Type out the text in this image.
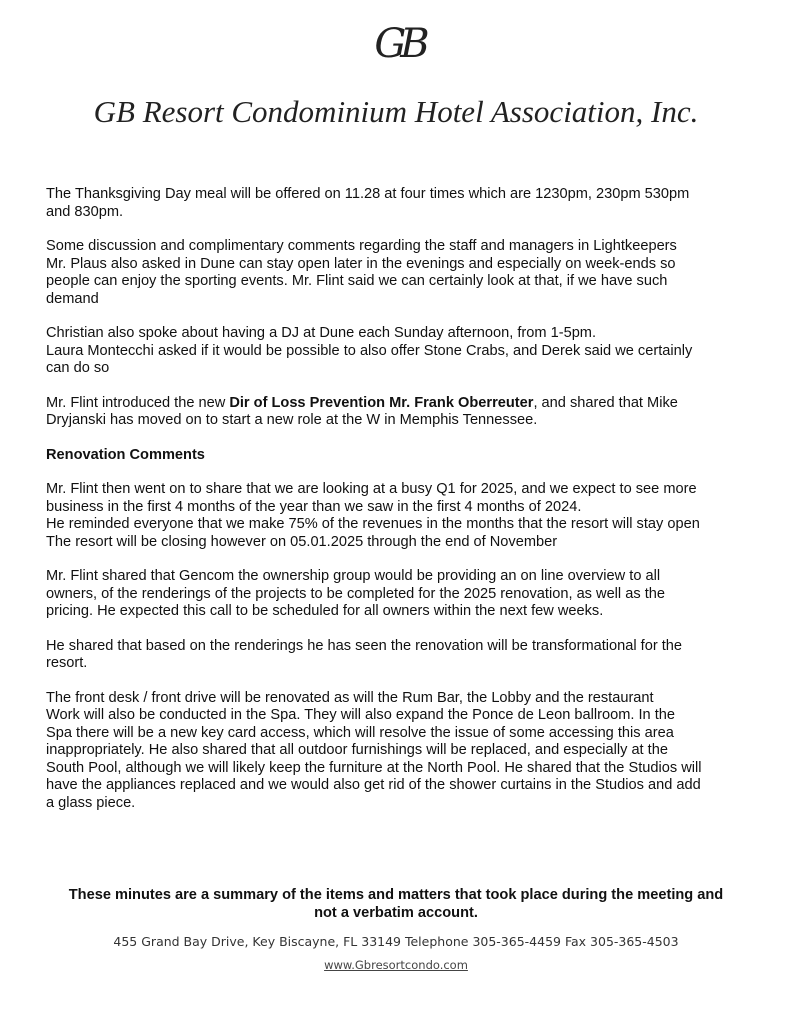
GB
GB Resort Condominium Hotel Association, Inc.

The Thanksgiving Day meal will be offered on 11.28 at four times which are 1230pm, 230pm 530pm
and 830pm.

Some discussion and complimentary comments regarding the staff and managers in Lightkeepers
Mr. Plaus also asked in Dune can stay open later in the evenings and especially on week-ends so
people can enjoy the sporting events. Mr. Flint said we can certainly look at that, if we have such
demand

Christian also spoke about having a DJ at Dune each Sunday afternoon, from 1-5pm.
Laura Montecchi asked if it would be possible to also offer Stone Crabs, and Derek said we certainly
can do so

Mr. Flint introduced the new Dir of Loss Prevention Mr. Frank Oberreuter, and shared that Mike
Dryjanski has moved on to start a new role at the W in Memphis Tennessee.

Renovation Comments

Mr. Flint then went on to share that we are looking at a busy Q1 for 2025, and we expect to see more
business in the first 4 months of the year than we saw in the first 4 months of 2024.
He reminded everyone that we make 75% of the revenues in the months that the resort will stay open
The resort will be closing however on 05.01.2025 through the end of November

Mr. Flint shared that Gencom the ownership group would be providing an on line overview to all
owners, of the renderings of the projects to be completed for the 2025 renovation, as well as the
pricing. He expected this call to be scheduled for all owners within the next few weeks.

He shared that based on the renderings he has seen the renovation will be transformational for the
resort.

The front desk / front drive will be renovated as will the Rum Bar, the Lobby and the restaurant
Work will also be conducted in the Spa. They will also expand the Ponce de Leon ballroom. In the
Spa there will be a new key card access, which will resolve the issue of some accessing this area
inappropriately. He also shared that all outdoor furnishings will be replaced, and especially at the
South Pool, although we will likely keep the furniture at the North Pool. He shared that the Studios will
have the appliances replaced and we would also get rid of the shower curtains in the Studios and add
a glass piece.

These minutes are a summary of the items and matters that took place during the meeting and
not a verbatim account.
455 Grand Bay Drive, Key Biscayne, FL 33149 Telephone 305-365-4459 Fax 305-365-4503
www.Gbresortcondo.com
